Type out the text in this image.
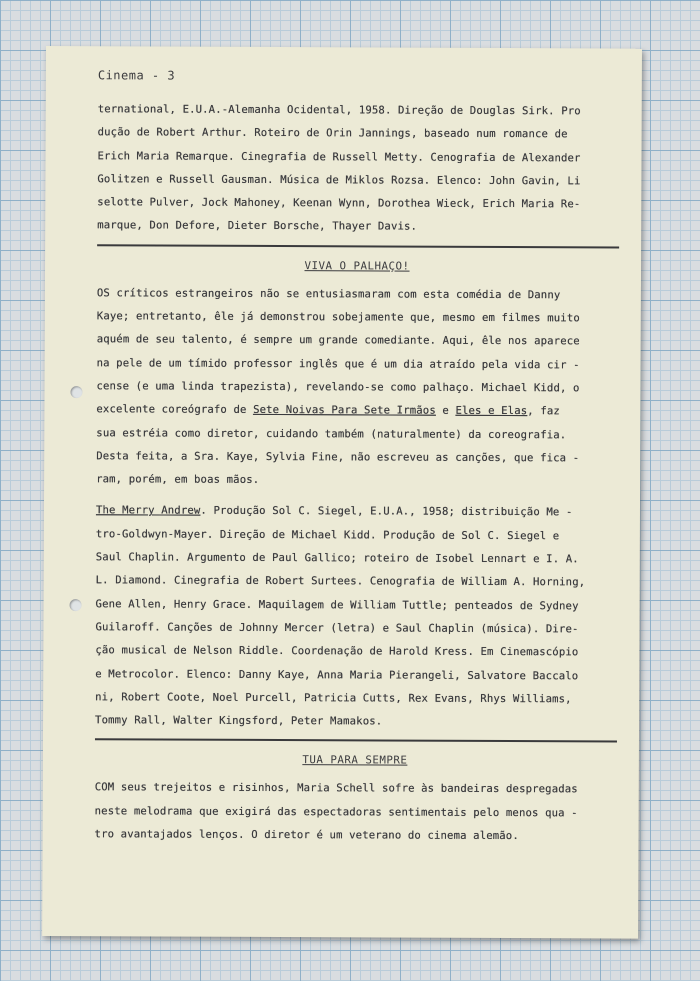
Cinema - 3
ternational, E.U.A.-Alemanha Ocidental, 1958. Direção de Douglas Sirk. Pro
dução de Robert Arthur. Roteiro de Orin Jannings, baseado num romance de
Erich Maria Remarque. Cinegrafia de Russell Metty. Cenografia de Alexander
Golitzen e Russell Gausman. Música de Miklos Rozsa. Elenco: John Gavin, Li
selotte Pulver, Jock Mahoney, Keenan Wynn, Dorothea Wieck, Erich Maria Re-
marque, Don Defore, Dieter Borsche, Thayer Davis.
VIVA O PALHAÇO!
OS críticos estrangeiros não se entusiasmaram com esta comédia de Danny
Kaye; entretanto, êle já demonstrou sobejamente que, mesmo em filmes muito
aquém de seu talento, é sempre um grande comediante. Aqui, êle nos aparece
na pele de um tímido professor inglês que é um dia atraído pela vida cir -
cense (e uma linda trapezista), revelando-se como palhaço. Michael Kidd, o
excelente coreógrafo de Sete Noivas Para Sete Irmãos e Eles e Elas, faz
sua estréia como diretor, cuidando também (naturalmente) da coreografia.
Desta feita, a Sra. Kaye, Sylvia Fine, não escreveu as canções, que fica -
ram, porém, em boas mãos.
The Merry Andrew. Produção Sol C. Siegel, E.U.A., 1958; distribuição Me -
tro-Goldwyn-Mayer. Direção de Michael Kidd. Produção de Sol C. Siegel e
Saul Chaplin. Argumento de Paul Gallico; roteiro de Isobel Lennart e I. A.
L. Diamond. Cinegrafia de Robert Surtees. Cenografia de William A. Horning,
Gene Allen, Henry Grace. Maquilagem de William Tuttle; penteados de Sydney
Guilaroff. Canções de Johnny Mercer (letra) e Saul Chaplin (música). Dire-
ção musical de Nelson Riddle. Coordenação de Harold Kress. Em Cinemascópio
e Metrocolor. Elenco: Danny Kaye, Anna Maria Pierangeli, Salvatore Baccalo
ni, Robert Coote, Noel Purcell, Patricia Cutts, Rex Evans, Rhys Williams,
Tommy Rall, Walter Kingsford, Peter Mamakos.
TUA PARA SEMPRE
COM seus trejeitos e risinhos, Maria Schell sofre às bandeiras despregadas
neste melodrama que exigirá das espectadoras sentimentais pelo menos qua -
tro avantajados lenços. O diretor é um veterano do cinema alemão.
